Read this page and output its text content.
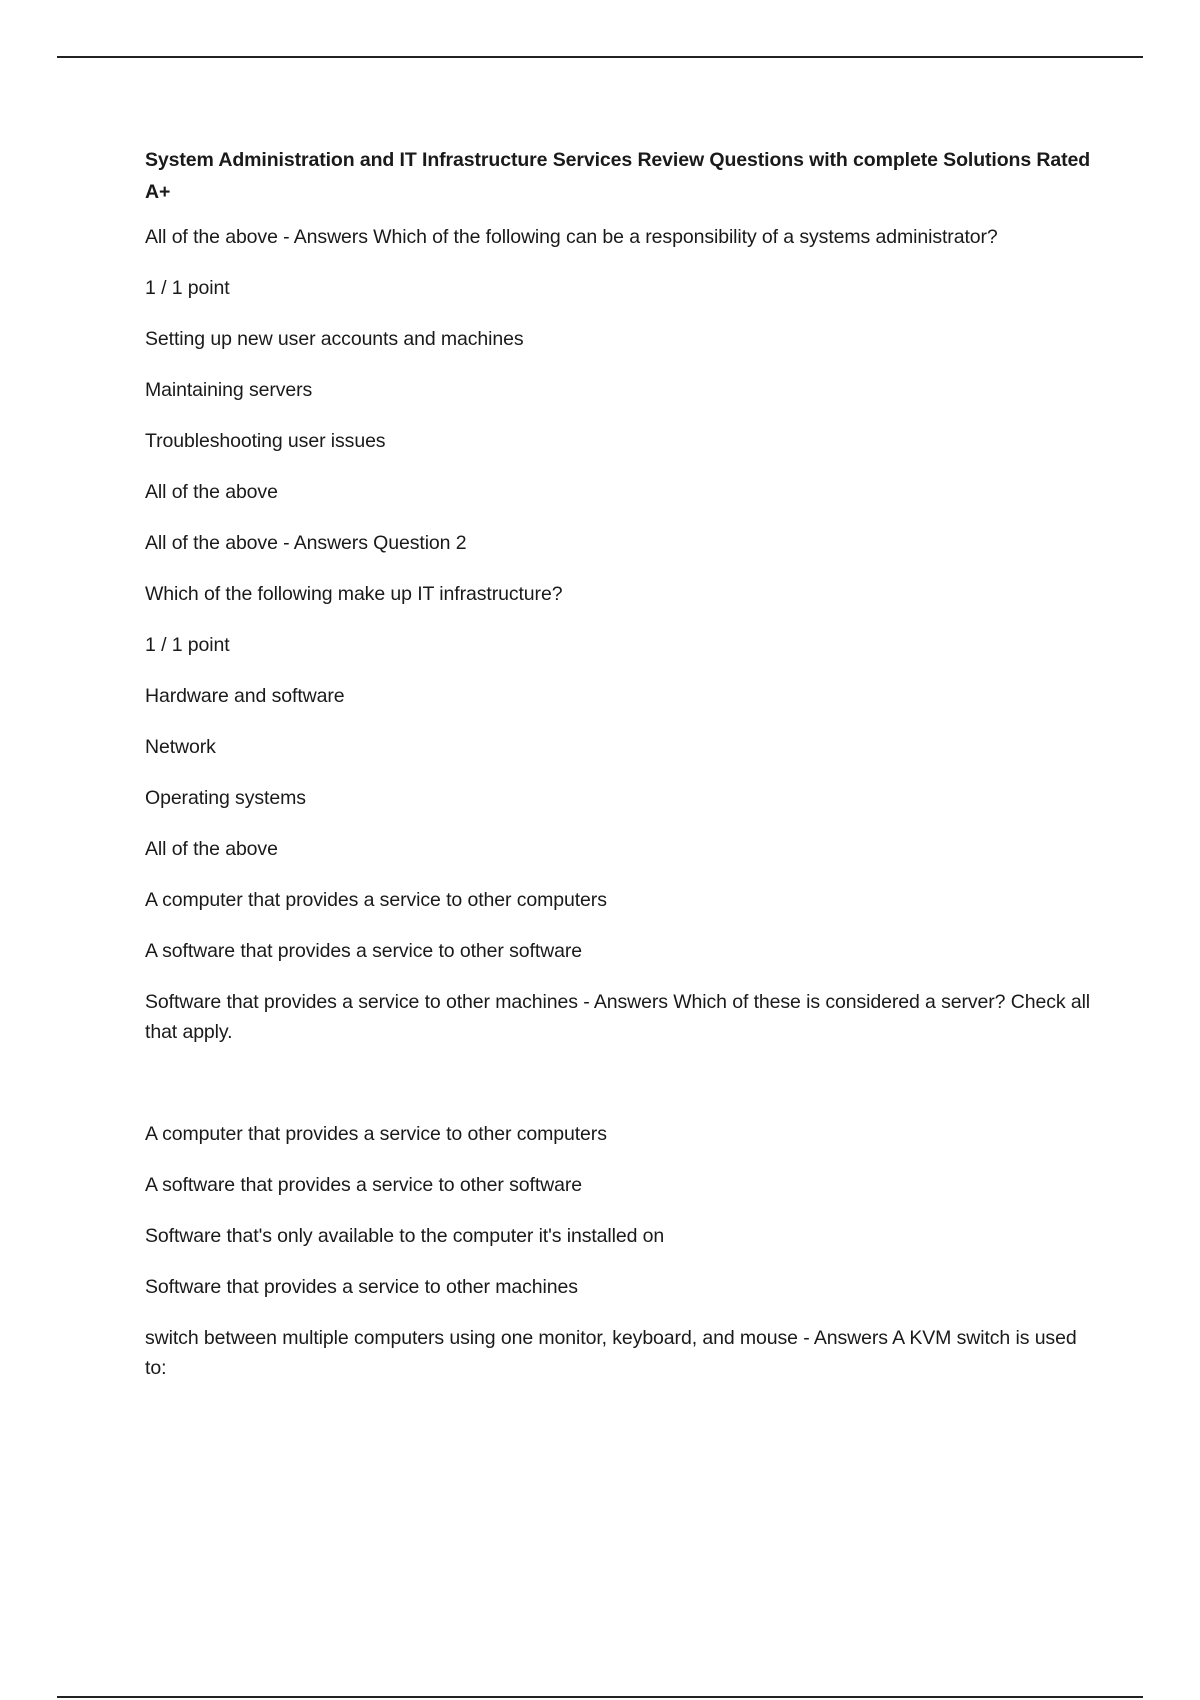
System Administration and IT Infrastructure Services Review Questions with complete Solutions Rated A+
All of the above - Answers Which of the following can be a responsibility of a systems administrator?
1 / 1 point
Setting up new user accounts and machines
Maintaining servers
Troubleshooting user issues
All of the above
All of the above - Answers Question 2
Which of the following make up IT infrastructure?
1 / 1 point
Hardware and software
Network
Operating systems
All of the above
A computer that provides a service to other computers
A software that provides a service to other software
Software that provides a service to other machines - Answers Which of these is considered a server? Check all that apply.
A computer that provides a service to other computers
A software that provides a service to other software
Software that's only available to the computer it's installed on
Software that provides a service to other machines
switch between multiple computers using one monitor, keyboard, and mouse - Answers A KVM switch is used to:
